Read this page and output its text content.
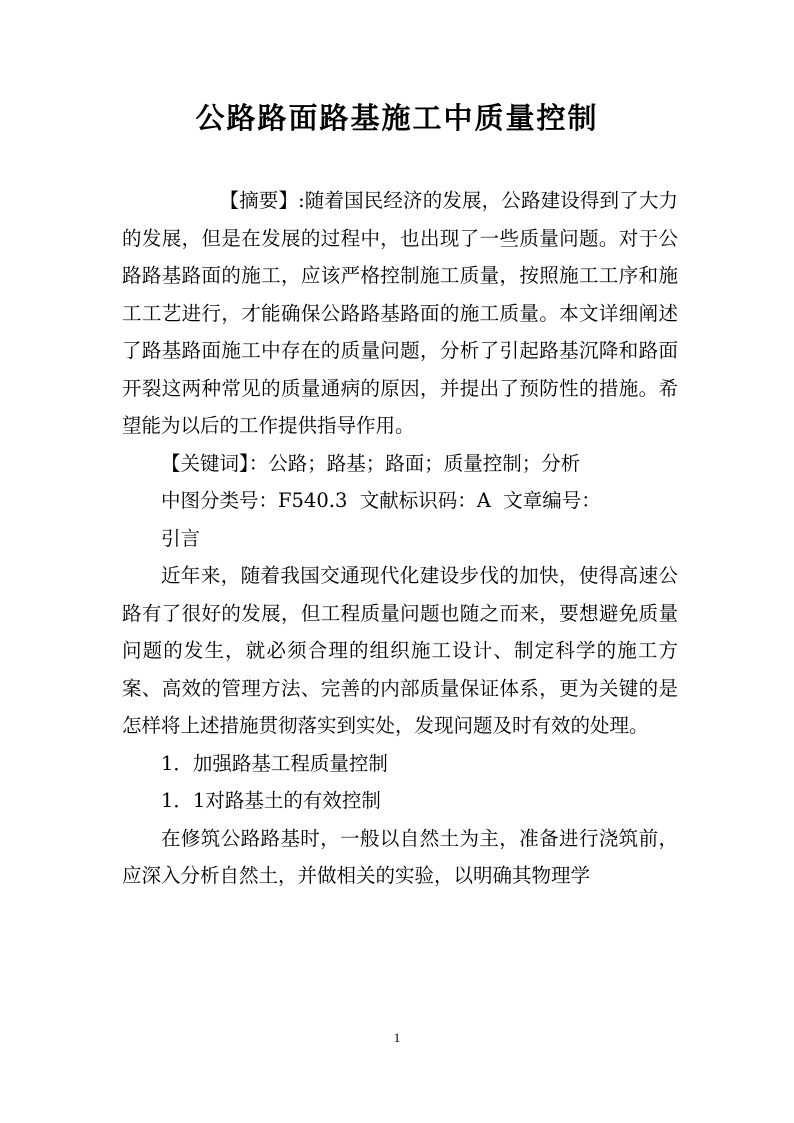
公路路面路基施工中质量控制

【摘要】:随着国民经济的发展，公路建设得到了大力的发展，但是在发展的过程中，也出现了一些质量问题。对于公路路基路面的施工，应该严格控制施工质量，按照施工工序和施工工艺进行，才能确保公路路基路面的施工质量。本文详细阐述了路基路面施工中存在的质量问题，分析了引起路基沉降和路面开裂这两种常见的质量通病的原因，并提出了预防性的措施。希望能为以后的工作提供指导作用。

【关键词】：公路；路基；路面；质量控制；分析

中图分类号：F540.3  文献标识码：A  文章编号：

引言

近年来，随着我国交通现代化建设步伐的加快，使得高速公路有了很好的发展，但工程质量问题也随之而来，要想避免质量问题的发生，就必须合理的组织施工设计、制定科学的施工方案、高效的管理方法、完善的内部质量保证体系，更为关键的是怎样将上述措施贯彻落实到实处，发现问题及时有效的处理。

1．加强路基工程质量控制

1．1对路基土的有效控制

在修筑公路路基时，一般以自然土为主，准备进行浇筑前，应深入分析自然土，并做相关的实验，以明确其物理学

1
